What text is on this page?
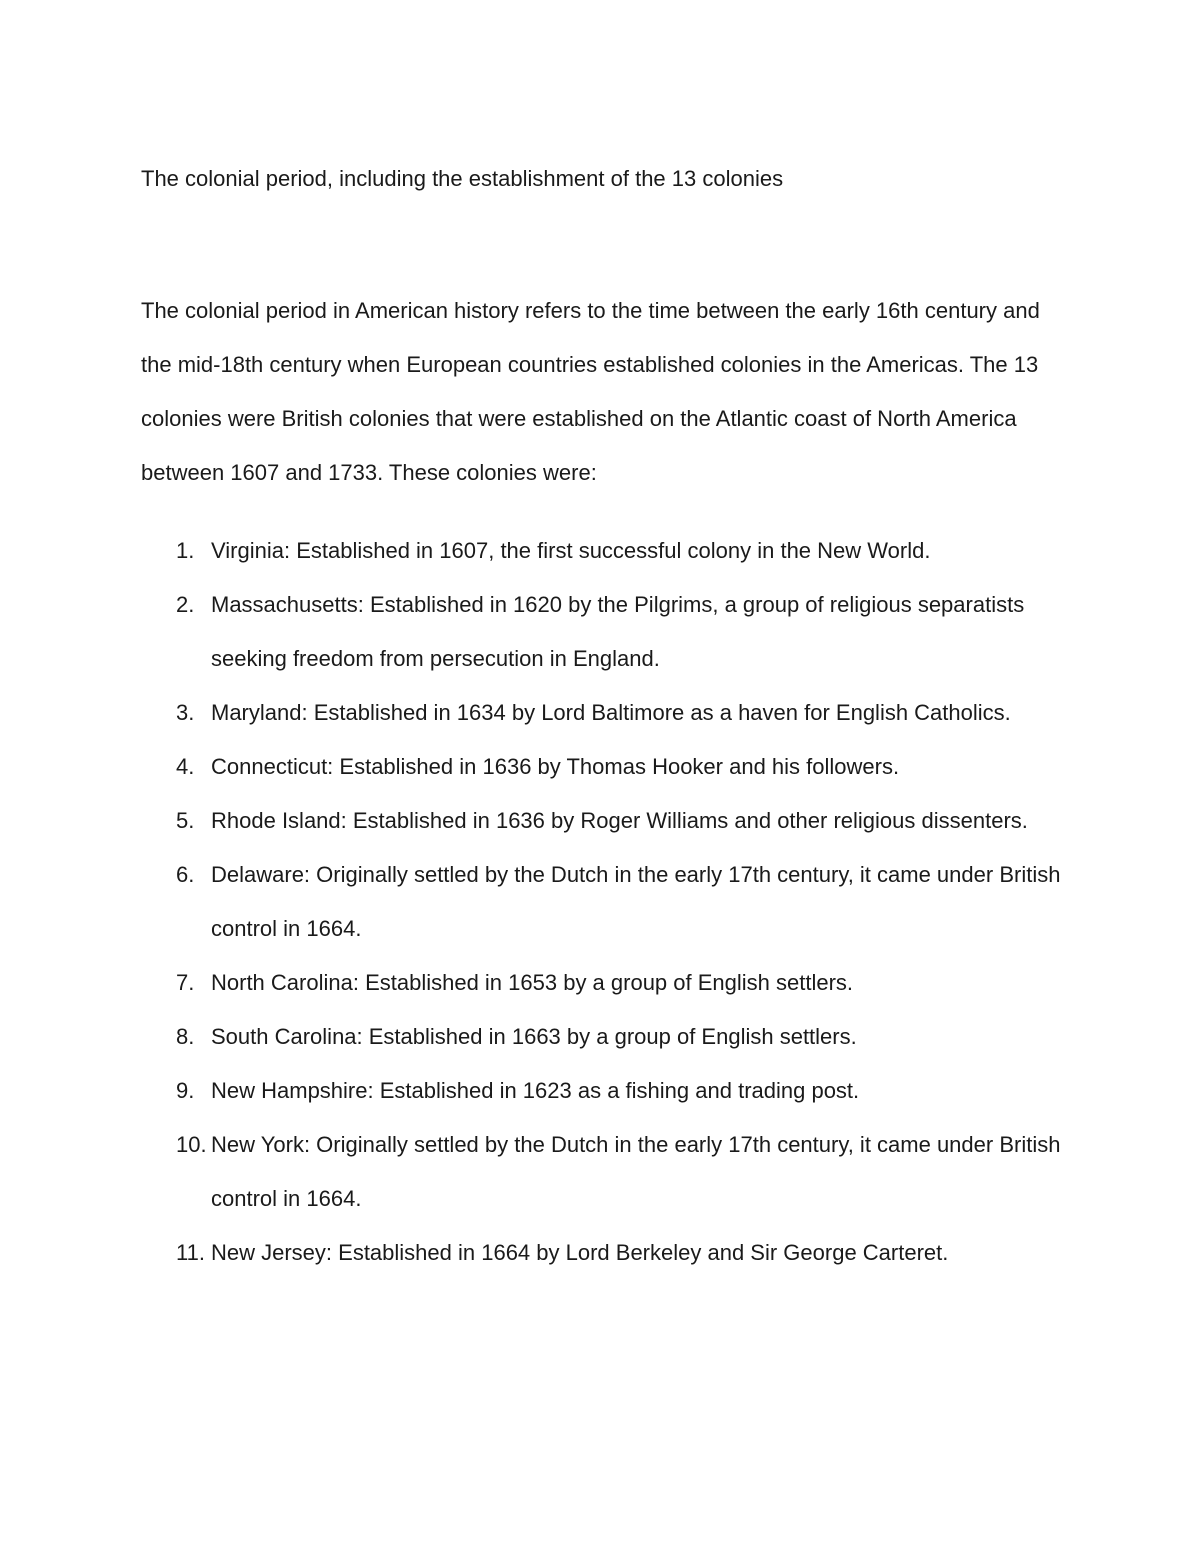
The colonial period, including the establishment of the 13 colonies

The colonial period in American history refers to the time between the early 16th century and the mid-18th century when European countries established colonies in the Americas. The 13 colonies were British colonies that were established on the Atlantic coast of North America between 1607 and 1733. These colonies were:

1. Virginia: Established in 1607, the first successful colony in the New World.
2. Massachusetts: Established in 1620 by the Pilgrims, a group of religious separatists seeking freedom from persecution in England.
3. Maryland: Established in 1634 by Lord Baltimore as a haven for English Catholics.
4. Connecticut: Established in 1636 by Thomas Hooker and his followers.
5. Rhode Island: Established in 1636 by Roger Williams and other religious dissenters.
6. Delaware: Originally settled by the Dutch in the early 17th century, it came under British control in 1664.
7. North Carolina: Established in 1653 by a group of English settlers.
8. South Carolina: Established in 1663 by a group of English settlers.
9. New Hampshire: Established in 1623 as a fishing and trading post.
10. New York: Originally settled by the Dutch in the early 17th century, it came under British control in 1664.
11. New Jersey: Established in 1664 by Lord Berkeley and Sir George Carteret.
